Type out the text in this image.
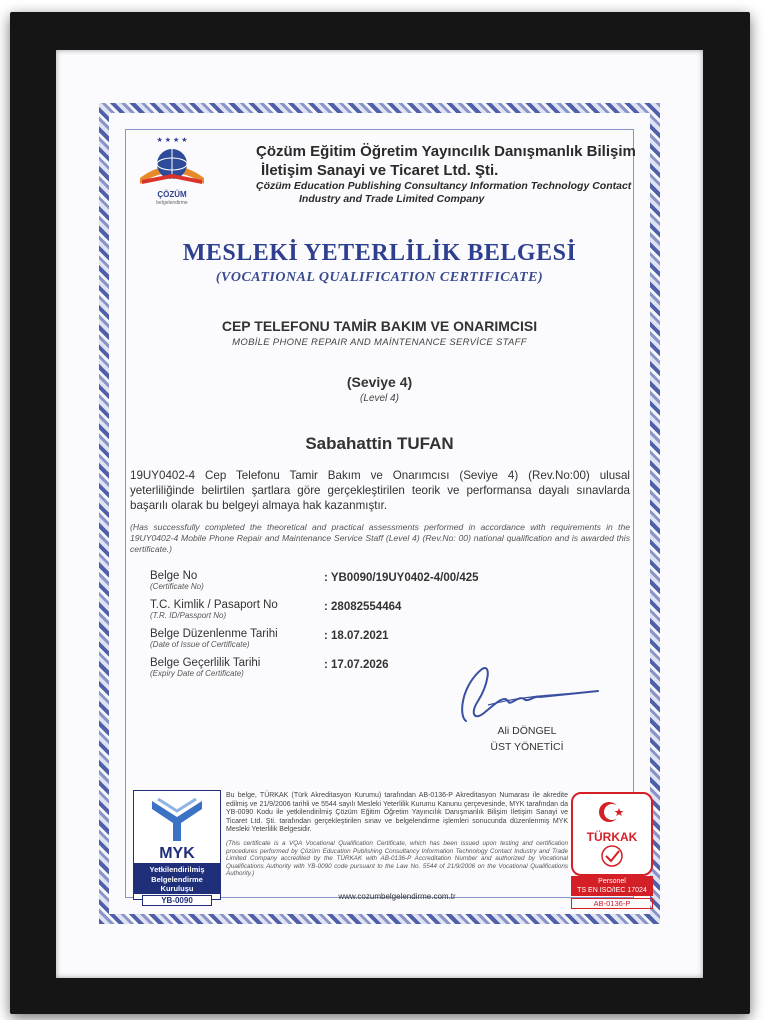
★ ★ ★ ★
ÇÖZÜM
belgelendirme
Çözüm Eğitim Öğretim Yayıncılık Danışmanlık Bilişim
İletişim Sanayi ve Ticaret Ltd. Şti.
Çözüm Education Publishing Consultancy Information Technology Contact
Industry and Trade Limited Company
MESLEKİ YETERLİLİK BELGESİ
(VOCATIONAL QUALIFICATION CERTIFICATE)
CEP TELEFONU TAMİR BAKIM VE ONARIMCISI
MOBİLE PHONE REPAIR AND MAİNTENANCE SERVİCE STAFF
(Seviye 4)
(Level 4)
Sabahattin TUFAN
19UY0402-4 Cep Telefonu Tamir Bakım ve Onarımcısı (Seviye 4) (Rev.No:00) ulusal yeterliliğinde belirtilen şartlara göre gerçekleştirilen teorik ve performansa dayalı sınavlarda başarılı olarak bu belgeyi almaya hak kazanmıştır.
(Has successfully completed the theoretical and practical assessments performed in accordance with requirements in the 19UY0402-4 Mobile Phone Repair and Maintenance Service Staff (Level 4) (Rev.No: 00) national qualification and is awarded this certificate.)
Belge No
(Certificate No)
: YB0090/19UY0402-4/00/425
T.C. Kimlik / Pasaport No
(T.R. ID/Passport No)
: 28082554464
Belge Düzenlenme Tarihi
(Date of Issue of Certificate)
: 18.07.2021
Belge Geçerlilik Tarihi
(Expiry Date of Certificate)
: 17.07.2026
Ali DÖNGEL
ÜST YÖNETİCİ
MYK
Yetkilendirilmiş
Belgelendirme Kuruluşu
YB-0090
Bu belge, TÜRKAK (Türk Akreditasyon Kurumu) tarafından AB-0136-P Akreditasyon Numarası ile akredite edilmiş ve 21/9/2006 tarihli ve 5544 sayılı Mesleki Yeterlilik Kurumu Kanunu çerçevesinde, MYK tarafından da YB-0090 Kodu ile yetkilendirilmiş Çözüm Eğitim Öğretim Yayıncılık Danışmanlık Bilişim İletişim Sanayi ve Ticaret Ltd. Şti. tarafından gerçekleştirilen sınav ve belgelendirme işlemleri sonucunda düzenlenmiş MYK Mesleki Yeterlilik Belgesidir.
(This certificate is a VQA Vocational Qualification Certificate, which has been issued upon testing and certification procedures performed by Çözüm Education Publishing Consultancy Information Technology Contact Industry and Trade Limited Company accredited by the TÜRKAK with AB-0136-P Accreditation Number and authorized by Vocational Qualifications Authority with YB-0090 code pursuant to the Law No. 5544 of 21/9/2006 on the Vocational Qualifications Authority.)
www.cozumbelgelendirme.com.tr
TÜRKAK
Personel
TS EN ISO/IEC 17024
AB-0136-P
